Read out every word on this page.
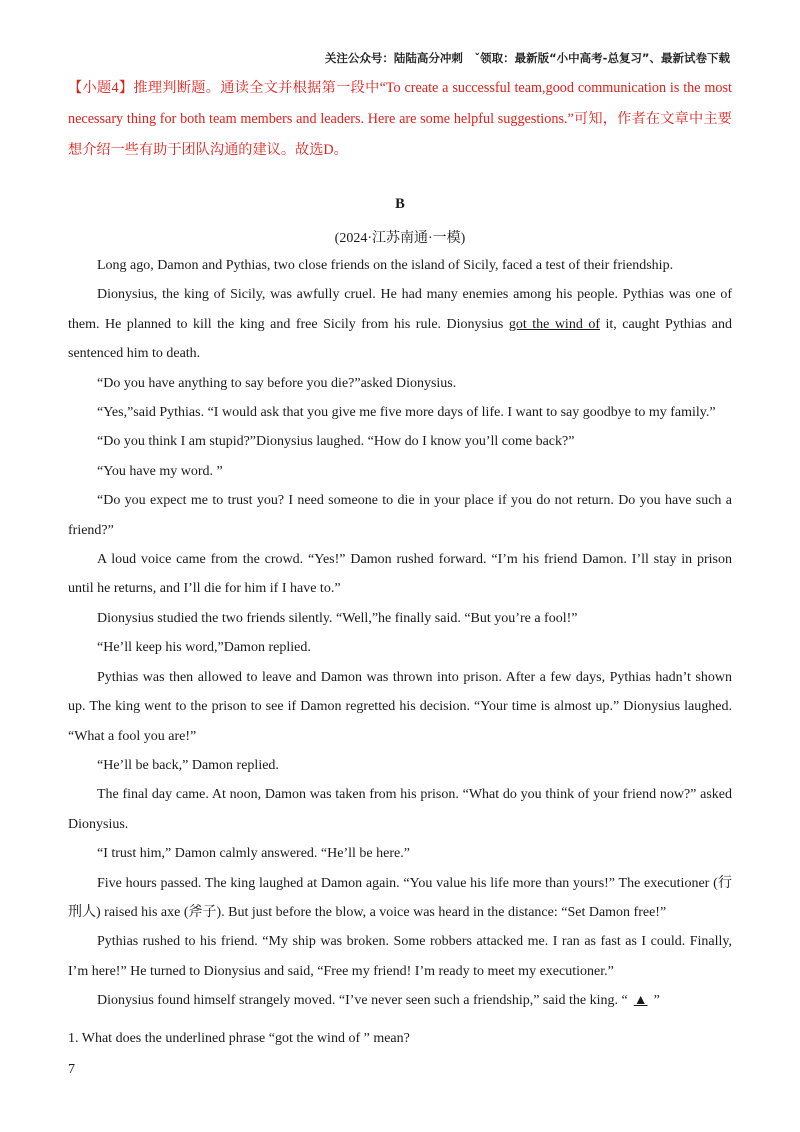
关注公众号：陆陆高分冲刺　ˇ领取：最新版“小中高考-总复习”、最新试卷下载

【小题4】推理判断题。通读全文并根据第一段中“To create a successful team,good communication is the most necessary thing for both team members and leaders. Here are some helpful suggestions.”可知，作者在文章中主要想介绍一些有助于团队沟通的建议。故选D。

B
(2024·江苏南通·一模)

Long ago, Damon and Pythias, two close friends on the island of Sicily, faced a test of their friendship.

Dionysius, the king of Sicily, was awfully cruel. He had many enemies among his people. Pythias was one of them. He planned to kill the king and free Sicily from his rule. Dionysius got the wind of it, caught Pythias and sentenced him to death.

“Do you have anything to say before you die?”asked Dionysius.

“Yes,”said Pythias. “I would ask that you give me five more days of life. I want to say goodbye to my family.”

“Do you think I am stupid?”Dionysius laughed. “How do I know you’ll come back?”

“You have my word. ”

“Do you expect me to trust you? I need someone to die in your place if you do not return. Do you have such a friend?”

A loud voice came from the crowd. “Yes!” Damon rushed forward. “I’m his friend Damon. I’ll stay in prison until he returns, and I’ll die for him if I have to.”

Dionysius studied the two friends silently. “Well,”he finally said. “But you’re a fool!”

“He’ll keep his word,”Damon replied.

Pythias was then allowed to leave and Damon was thrown into prison. After a few days, Pythias hadn’t shown up. The king went to the prison to see if Damon regretted his decision. “Your time is almost up.” Dionysius laughed. “What a fool you are!”

“He’ll be back,” Damon replied.

The final day came. At noon, Damon was taken from his prison. “What do you think of your friend now?” asked Dionysius.

“I trust him,” Damon calmly answered. “He’ll be here.”

Five hours passed. The king laughed at Damon again. “You value his life more than yours!” The executioner (行刑人) raised his axe (斧子). But just before the blow, a voice was heard in the distance: “Set Damon free!”

Pythias rushed to his friend. “My ship was broken. Some robbers attacked me. I ran as fast as I could. Finally, I’m here!” He turned to Dionysius and said, “Free my friend! I’m ready to meet my executioner.”

Dionysius found himself strangely moved. “I’ve never seen such a friendship,” said the king. “ ▲ ”

1. What does the underlined phrase “got the wind of ” mean?
7
